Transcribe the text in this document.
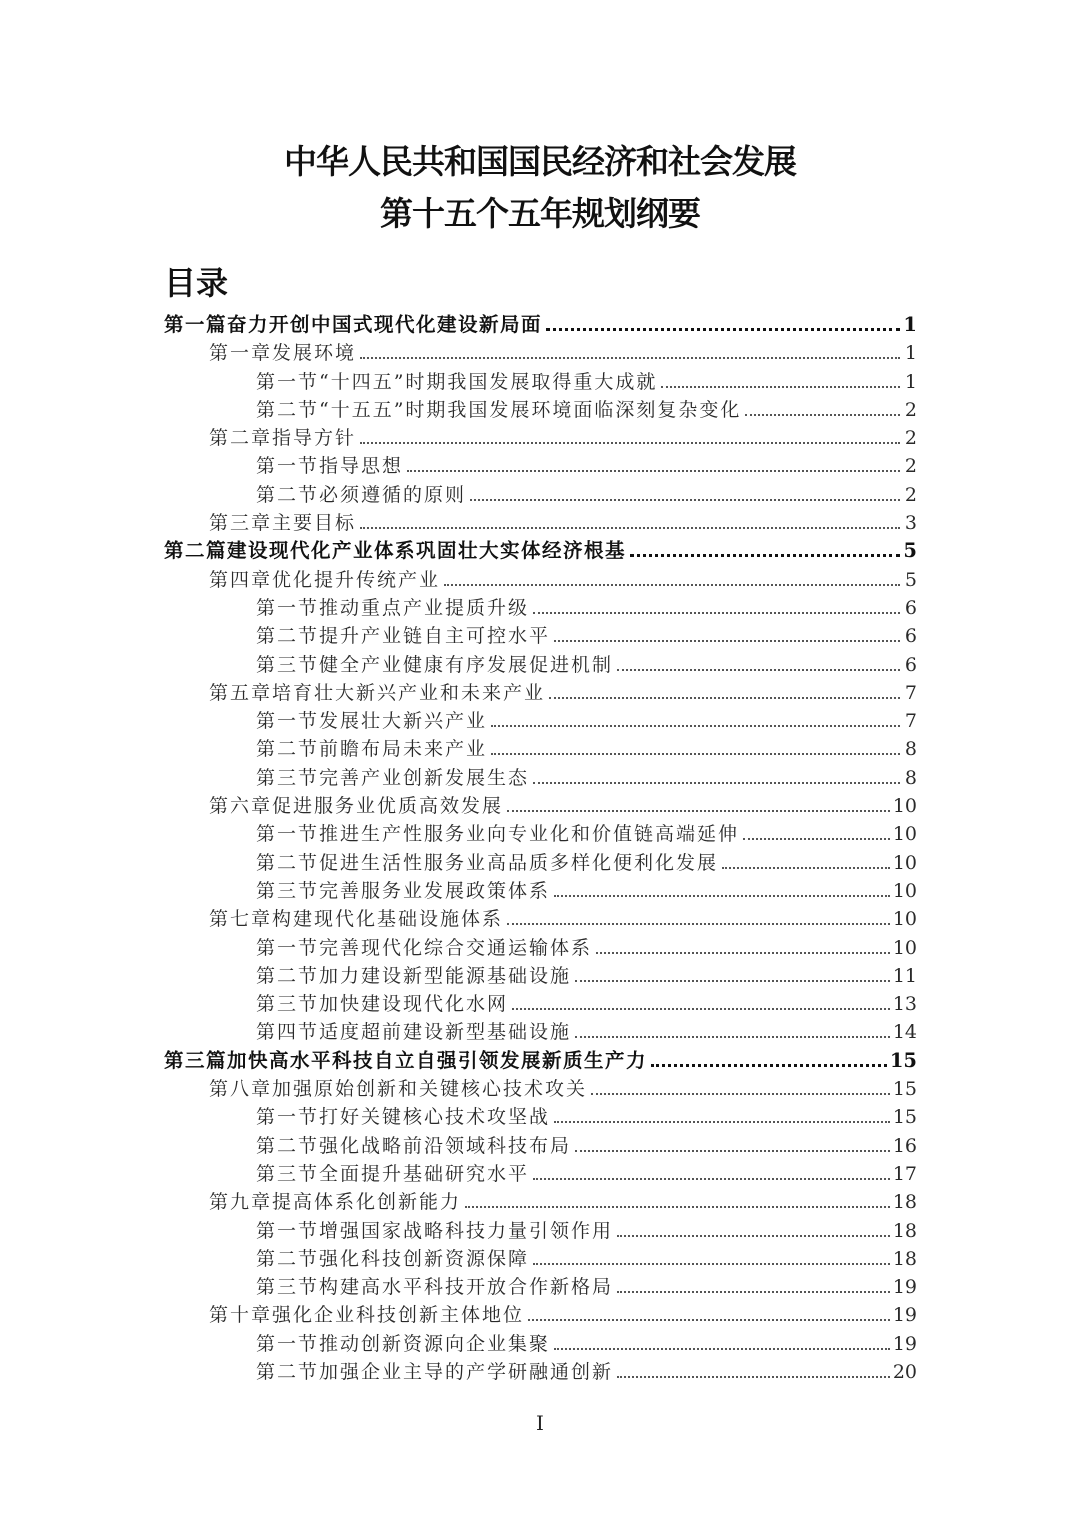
中华人民共和国国民经济和社会发展
第十五个五年规划纲要
目录
第一篇奋力开创中国式现代化建设新局面	1
第一章发展环境	1
第一节“十四五”时期我国发展取得重大成就	1
第二节“十五五”时期我国发展环境面临深刻复杂变化	2
第二章指导方针	2
第一节指导思想	2
第二节必须遵循的原则	2
第三章主要目标	3
第二篇建设现代化产业体系巩固壮大实体经济根基	5
第四章优化提升传统产业	5
第一节推动重点产业提质升级	6
第二节提升产业链自主可控水平	6
第三节健全产业健康有序发展促进机制	6
第五章培育壮大新兴产业和未来产业	7
第一节发展壮大新兴产业	7
第二节前瞻布局未来产业	8
第三节完善产业创新发展生态	8
第六章促进服务业优质高效发展	10
第一节推进生产性服务业向专业化和价值链高端延伸	10
第二节促进生活性服务业高品质多样化便利化发展	10
第三节完善服务业发展政策体系	10
第七章构建现代化基础设施体系	10
第一节完善现代化综合交通运输体系	10
第二节加力建设新型能源基础设施	11
第三节加快建设现代化水网	13
第四节适度超前建设新型基础设施	14
第三篇加快高水平科技自立自强引领发展新质生产力	15
第八章加强原始创新和关键核心技术攻关	15
第一节打好关键核心技术攻坚战	15
第二节强化战略前沿领域科技布局	16
第三节全面提升基础研究水平	17
第九章提高体系化创新能力	18
第一节增强国家战略科技力量引领作用	18
第二节强化科技创新资源保障	18
第三节构建高水平科技开放合作新格局	19
第十章强化企业科技创新主体地位	19
第一节推动创新资源向企业集聚	19
第二节加强企业主导的产学研融通创新	20
I
